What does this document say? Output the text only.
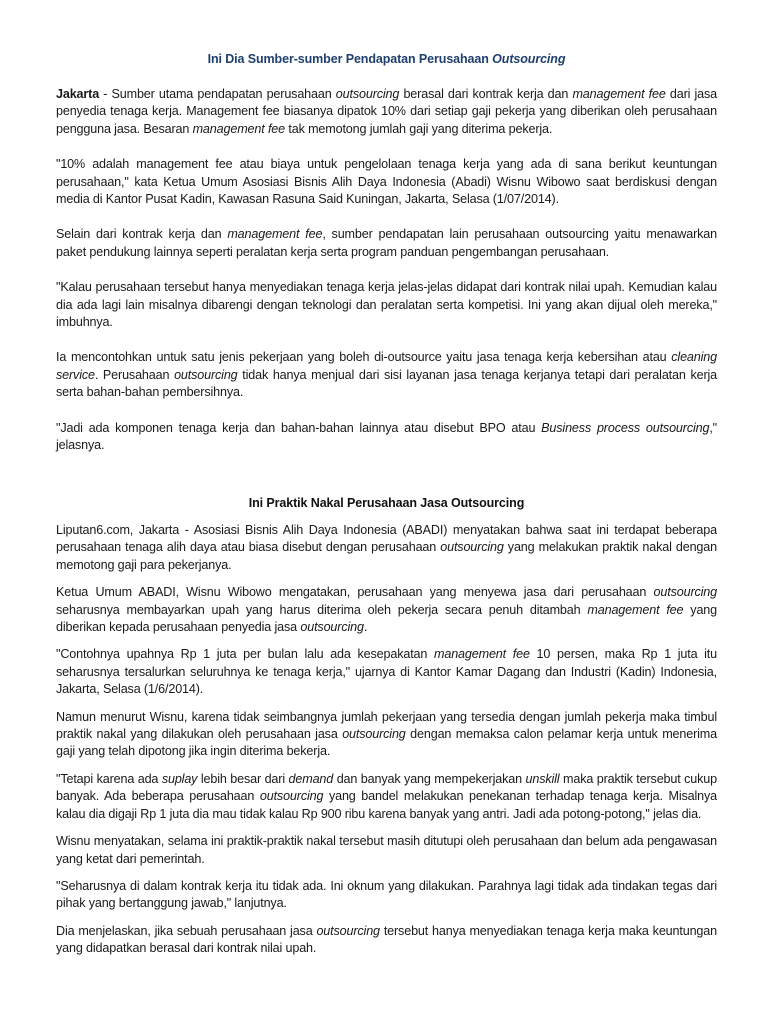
Ini Dia Sumber-sumber Pendapatan Perusahaan Outsourcing

Jakarta - Sumber utama pendapatan perusahaan outsourcing berasal dari kontrak kerja dan management fee dari jasa penyedia tenaga kerja. Management fee biasanya dipatok 10% dari setiap gaji pekerja yang diberikan oleh perusahaan pengguna jasa. Besaran management fee tak memotong jumlah gaji yang diterima pekerja.

"10% adalah management fee atau biaya untuk pengelolaan tenaga kerja yang ada di sana berikut keuntungan perusahaan," kata Ketua Umum Asosiasi Bisnis Alih Daya Indonesia (Abadi) Wisnu Wibowo saat berdiskusi dengan media di Kantor Pusat Kadin, Kawasan Rasuna Said Kuningan, Jakarta, Selasa (1/07/2014).

Selain dari kontrak kerja dan management fee, sumber pendapatan lain perusahaan outsourcing yaitu menawarkan paket pendukung lainnya seperti peralatan kerja serta program panduan pengembangan perusahaan.

"Kalau perusahaan tersebut hanya menyediakan tenaga kerja jelas-jelas didapat dari kontrak nilai upah. Kemudian kalau dia ada lagi lain misalnya dibarengi dengan teknologi dan peralatan serta kompetisi. Ini yang akan dijual oleh mereka," imbuhnya.

Ia mencontohkan untuk satu jenis pekerjaan yang boleh di-outsource yaitu jasa tenaga kerja kebersihan atau cleaning service. Perusahaan outsourcing tidak hanya menjual dari sisi layanan jasa tenaga kerjanya tetapi dari peralatan kerja serta bahan-bahan pembersihnya.

"Jadi ada komponen tenaga kerja dan bahan-bahan lainnya atau disebut BPO atau Business process outsourcing," jelasnya.

Ini Praktik Nakal Perusahaan Jasa Outsourcing

Liputan6.com, Jakarta - Asosiasi Bisnis Alih Daya Indonesia (ABADI) menyatakan bahwa saat ini terdapat beberapa perusahaan tenaga alih daya atau biasa disebut dengan perusahaan outsourcing yang melakukan praktik nakal dengan memotong gaji para pekerjanya.

Ketua Umum ABADI, Wisnu Wibowo mengatakan, perusahaan yang menyewa jasa dari perusahaan outsourcing seharusnya membayarkan upah yang harus diterima oleh pekerja secara penuh ditambah management fee yang diberikan kepada perusahaan penyedia jasa outsourcing.

"Contohnya upahnya Rp 1 juta per bulan lalu ada kesepakatan management fee 10 persen, maka Rp 1 juta itu seharusnya tersalurkan seluruhnya ke tenaga kerja," ujarnya di Kantor Kamar Dagang dan Industri (Kadin) Indonesia, Jakarta, Selasa (1/6/2014).

Namun menurut Wisnu, karena tidak seimbangnya jumlah pekerjaan yang tersedia dengan jumlah pekerja maka timbul praktik nakal yang dilakukan oleh perusahaan jasa outsourcing dengan memaksa calon pelamar kerja untuk menerima gaji yang telah dipotong jika ingin diterima bekerja.

"Tetapi karena ada suplay lebih besar dari demand dan banyak yang mempekerjakan unskill maka praktik tersebut cukup banyak. Ada beberapa perusahaan outsourcing yang bandel melakukan penekanan terhadap tenaga kerja. Misalnya kalau dia digaji Rp 1 juta dia mau tidak kalau Rp 900 ribu karena banyak yang antri. Jadi ada potong-potong," jelas dia.

Wisnu menyatakan, selama ini praktik-praktik nakal tersebut masih ditutupi oleh perusahaan dan belum ada pengawasan yang ketat dari pemerintah.

"Seharusnya di dalam kontrak kerja itu tidak ada. Ini oknum yang dilakukan. Parahnya lagi tidak ada tindakan tegas dari pihak yang bertanggung jawab," lanjutnya.

Dia menjelaskan, jika sebuah perusahaan jasa outsourcing tersebut hanya menyediakan tenaga kerja maka keuntungan yang didapatkan berasal dari kontrak nilai upah.
